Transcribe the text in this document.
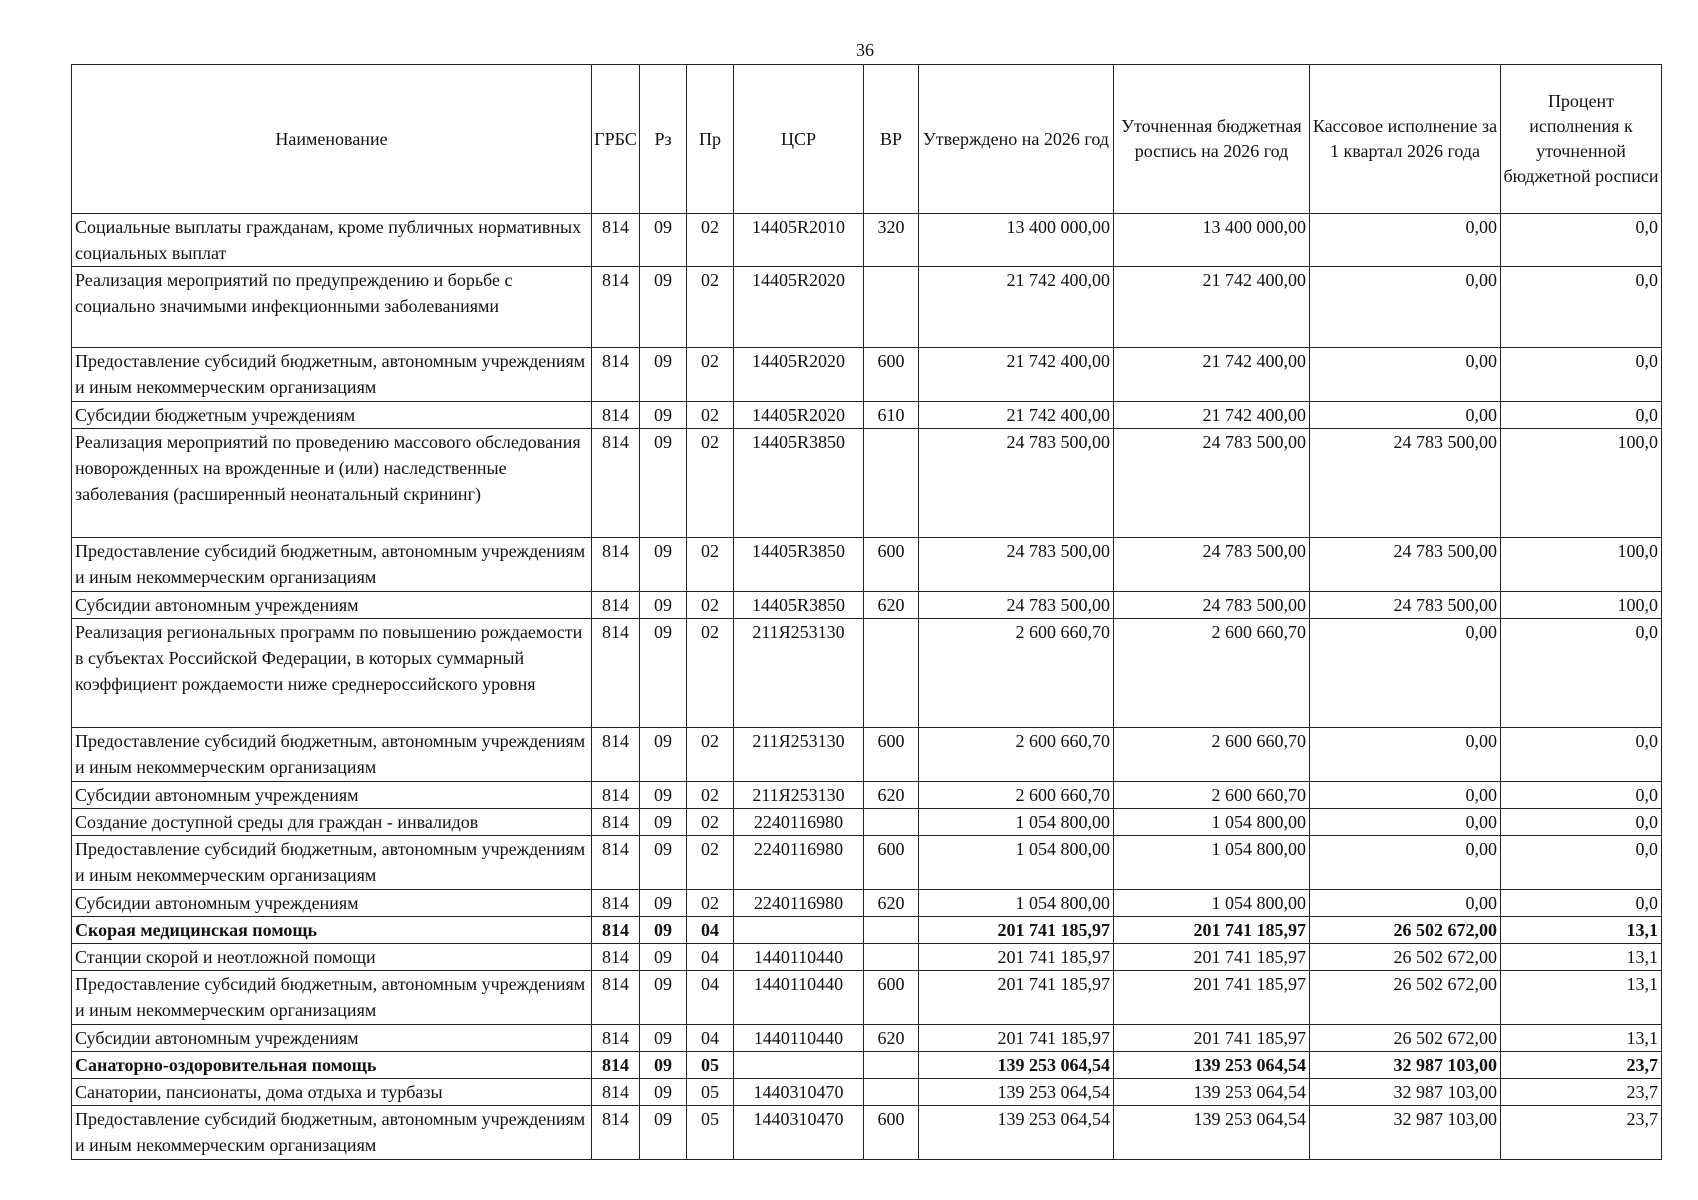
36
Наименование	ГРБС	Рз	Пр	ЦСР	ВР	Утверждено на 2026 год	Уточненная бюджетная роспись на 2026 год	Кассовое исполнение за 1 квартал 2026 года	Процент исполнения к уточненной бюджетной росписи
Социальные выплаты гражданам, кроме публичных нормативных социальных выплат	814	09	02	14405R2010	320	13 400 000,00	13 400 000,00	0,00	0,0
Реализация мероприятий по предупреждению и борьбе с социально значимыми инфекционными заболеваниями	814	09	02	14405R2020		21 742 400,00	21 742 400,00	0,00	0,0
Предоставление субсидий бюджетным, автономным учреждениям и иным некоммерческим организациям	814	09	02	14405R2020	600	21 742 400,00	21 742 400,00	0,00	0,0
Субсидии бюджетным учреждениям	814	09	02	14405R2020	610	21 742 400,00	21 742 400,00	0,00	0,0
Реализация мероприятий по проведению массового обследования новорожденных на врожденные и (или) наследственные заболевания (расширенный неонатальный скрининг)	814	09	02	14405R3850		24 783 500,00	24 783 500,00	24 783 500,00	100,0
Предоставление субсидий бюджетным, автономным учреждениям и иным некоммерческим организациям	814	09	02	14405R3850	600	24 783 500,00	24 783 500,00	24 783 500,00	100,0
Субсидии автономным учреждениям	814	09	02	14405R3850	620	24 783 500,00	24 783 500,00	24 783 500,00	100,0
Реализация региональных программ по повышению рождаемости в субъектах Российской Федерации, в которых суммарный коэффициент рождаемости ниже среднероссийского уровня	814	09	02	211Я253130		2 600 660,70	2 600 660,70	0,00	0,0
Предоставление субсидий бюджетным, автономным учреждениям и иным некоммерческим организациям	814	09	02	211Я253130	600	2 600 660,70	2 600 660,70	0,00	0,0
Субсидии автономным учреждениям	814	09	02	211Я253130	620	2 600 660,70	2 600 660,70	0,00	0,0
Создание доступной среды для граждан - инвалидов	814	09	02	2240116980		1 054 800,00	1 054 800,00	0,00	0,0
Предоставление субсидий бюджетным, автономным учреждениям и иным некоммерческим организациям	814	09	02	2240116980	600	1 054 800,00	1 054 800,00	0,00	0,0
Субсидии автономным учреждениям	814	09	02	2240116980	620	1 054 800,00	1 054 800,00	0,00	0,0
Скорая медицинская помощь	814	09	04			201 741 185,97	201 741 185,97	26 502 672,00	13,1
Станции скорой и неотложной помощи	814	09	04	1440110440		201 741 185,97	201 741 185,97	26 502 672,00	13,1
Предоставление субсидий бюджетным, автономным учреждениям и иным некоммерческим организациям	814	09	04	1440110440	600	201 741 185,97	201 741 185,97	26 502 672,00	13,1
Субсидии автономным учреждениям	814	09	04	1440110440	620	201 741 185,97	201 741 185,97	26 502 672,00	13,1
Санаторно-оздоровительная помощь	814	09	05			139 253 064,54	139 253 064,54	32 987 103,00	23,7
Санатории, пансионаты, дома отдыха и турбазы	814	09	05	1440310470		139 253 064,54	139 253 064,54	32 987 103,00	23,7
Предоставление субсидий бюджетным, автономным учреждениям и иным некоммерческим организациям	814	09	05	1440310470	600	139 253 064,54	139 253 064,54	32 987 103,00	23,7
